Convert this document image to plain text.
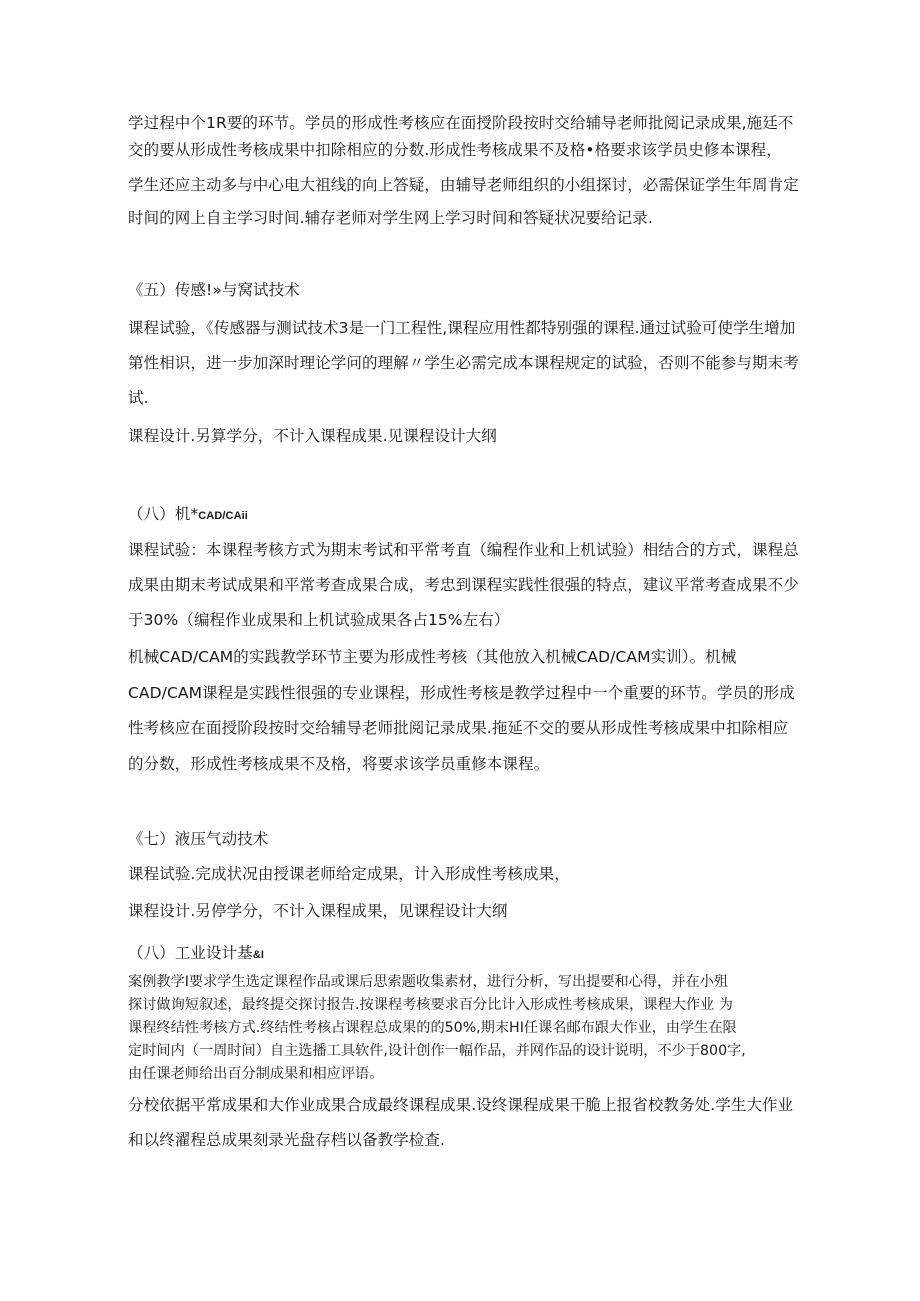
学过程中个1R要的环节。学员的形成性考核应在面授阶段按时交给辅导老师批阅记录成果,施廷不

交的要从形成性考核成果中扣除相应的分数.形成性考核成果不及格•格要求该学员史修本课程，

学生还应主动多与中心电大祖线的向上答疑，由辅导老师组织的小组探讨，必需保证学生年周肯定

时间的网上自主学习时间.辅存老师对学生网上学习时间和答疑状况要给记录.

《五）传感!»与窝试技术

课程试验，《传感器与测试技术3是一门工程性,课程应用性都特别强的课程.通过试验可使学生增加

第性相识，进一步加深时理论学问的理解〃学生必需完成本课程规定的试验，否则不能参与期末考

试.

课程设计.另算学分，不计入课程成果.见课程设计大纲

（八）机*CAD/CAii

课程试验：本课程考核方式为期末考试和平常考直（编程作业和上机试验）相结合的方式，课程总

成果由期末考试成果和平常考查成果合成，考忠到课程实践性很强的特点，建议平常考查成果不少

于30%（编程作业成果和上机试验成果各占15%左右）

机械CAD/CAM的实践教学环节主要为形成性考核（其他放入机械CAD/CAM实训）。机械

CAD/CAM课程是实践性很强的专业课程，形成性考核是教学过程中一个重要的环节。学员的形成

性考核应在面授阶段按时交给辅导老师批阅记录成果.拖延不交的要从形成性考核成果中扣除相应

的分数，形成性考核成果不及格，将要求该学员重修本课程。

《七）液压气动技术

课程试验.完成状况由授课老师给定成果，计入形成性考核成果，

课程设计.另停学分，不计入课程成果，见课程设计大纲

（八）工业设计基&I

案例教学I要求学生选定课程作品或课后思索题收集素材，进行分析，写出提要和心得，并在小殂

探讨做询短叙述，最终提交探讨报告.按课程考核要求百分比计入形成性考核成果，课程大作业 为

课程终结性考核方式.终结性考核占课程总成果的的50%,期末HI任课名邮布跟大作业，由学生在限

定时间内（一周时间）自主选播工具软件,设计创作一幅作品，并网作品的设计说明，不少于800字,

由任课老师给出百分制成果和相应评语。

分校依据平常成果和大作业成果合成最终课程成果.设终课程成果干脆上报省校教务处.学生大作业

和以终濯程总成果刻录光盘存档以备教学检查.
